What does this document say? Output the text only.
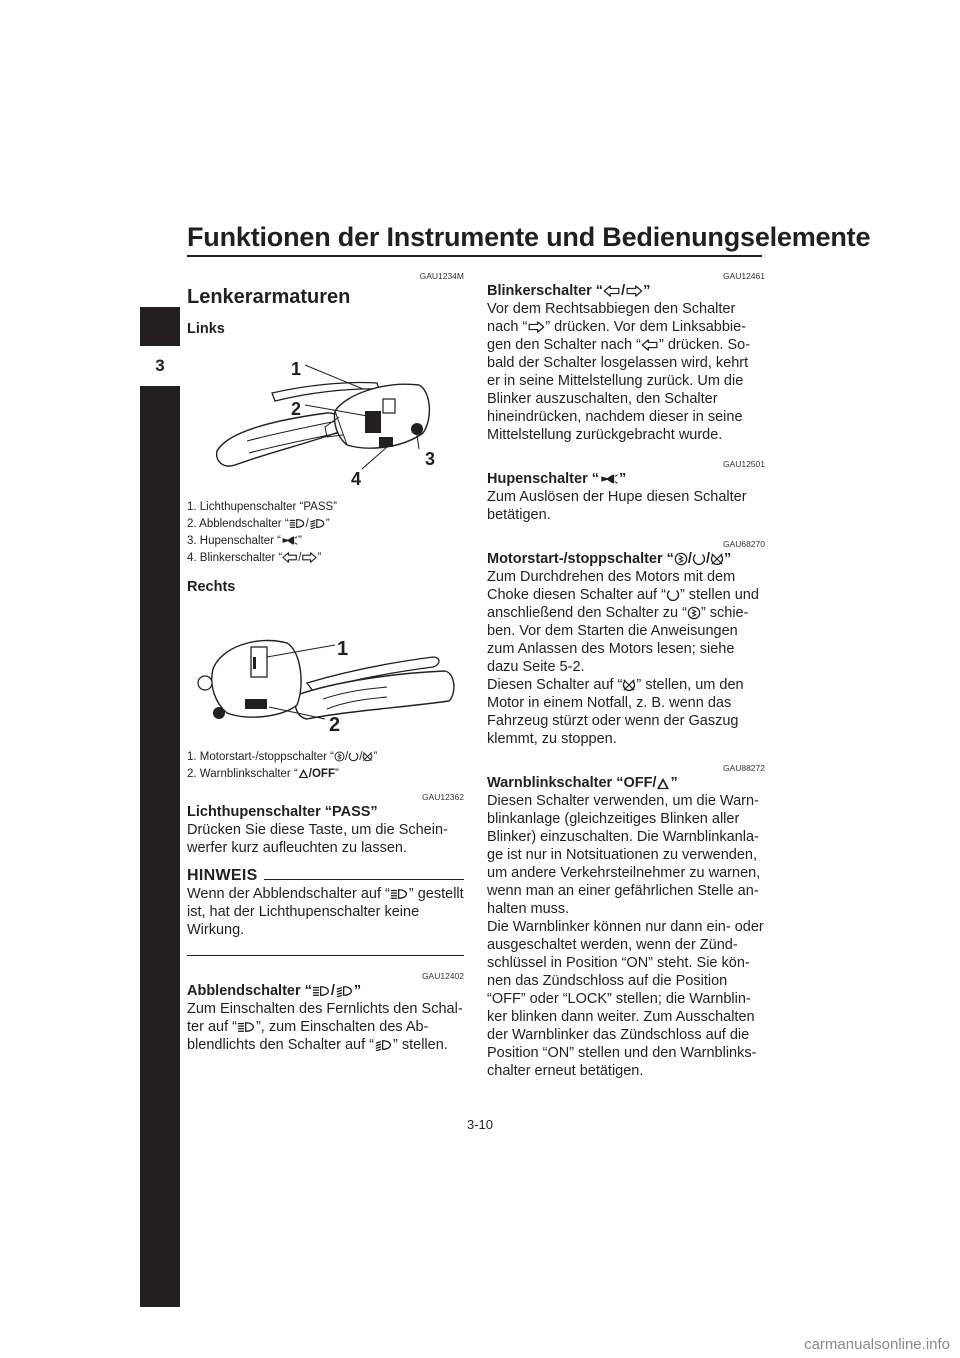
Funktionen der Instrumente und Bedienungselemente
3
GAU1234M
Lenkerarmaturen
Links
1
2
3
4
1. Lichthupenschalter “PASS”
2. Abblendschalter “ / ”
3. Hupenschalter “ ”
4. Blinkerschalter “ / ”
Rechts
OFF
1
2
1. Motorstart-/stoppschalter “ / / ”
2. Warnblinkschalter “ /OFF”
GAU12362
Lichthupenschalter “PASS”

Drücken Sie diese Taste, um die Scheinwerfer kurz aufleuchten zu lassen.

HINWEIS

Wenn der Abblendschalter auf “ ” gestellt ist, hat der Lichthupenschalter keine Wirkung.

GAU12402
Abblendschalter “ / ”

Zum Einschalten des Fernlichts den Schalter auf “ ”, zum Einschalten des Abblendlichts den Schalter auf “ ” stellen.

GAU12461
Blinkerschalter “ / ”

Vor dem Rechtsabbiegen den Schalter nach “ ” drücken. Vor dem Linksabbiegen den Schalter nach “ ” drücken. Sobald der Schalter losgelassen wird, kehrt er in seine Mittelstellung zurück. Um die Blinker auszuschalten, den Schalter hineindrücken, nachdem dieser in seine Mittelstellung zurückgebracht wurde.

GAU12501
Hupenschalter “ ”

Zum Auslösen der Hupe diesen Schalter betätigen.

GAU68270
Motorstart-/stoppschalter “ / / ”

Zum Durchdrehen des Motors mit dem Choke diesen Schalter auf “ ” stellen und anschließend den Schalter zu “ ” schieben. Vor dem Starten die Anweisungen zum Anlassen des Motors lesen; siehe dazu Seite 5-2.

Diesen Schalter auf “ ” stellen, um den Motor in einem Notfall, z. B. wenn das Fahrzeug stürzt oder wenn der Gaszug klemmt, zu stoppen.

GAU88272
Warnblinkschalter “OFF/ ”

Diesen Schalter verwenden, um die Warnblinkanlage (gleichzeitiges Blinken aller Blinker) einzuschalten. Die Warnblinkanlage ist nur in Notsituationen zu verwenden, um andere Verkehrsteilnehmer zu warnen, wenn man an einer gefährlichen Stelle anhalten muss.

Die Warnblinker können nur dann ein- oder ausgeschaltet werden, wenn der Zündschlüssel in Position “ON” steht. Sie können das Zündschloss auf die Position “OFF” oder “LOCK” stellen; die Warnblinker blinken dann weiter. Zum Ausschalten der Warnblinker das Zündschloss auf die Position “ON” stellen und den Warnblinkschalter erneut betätigen.

3-10
carmanualsonline.info
